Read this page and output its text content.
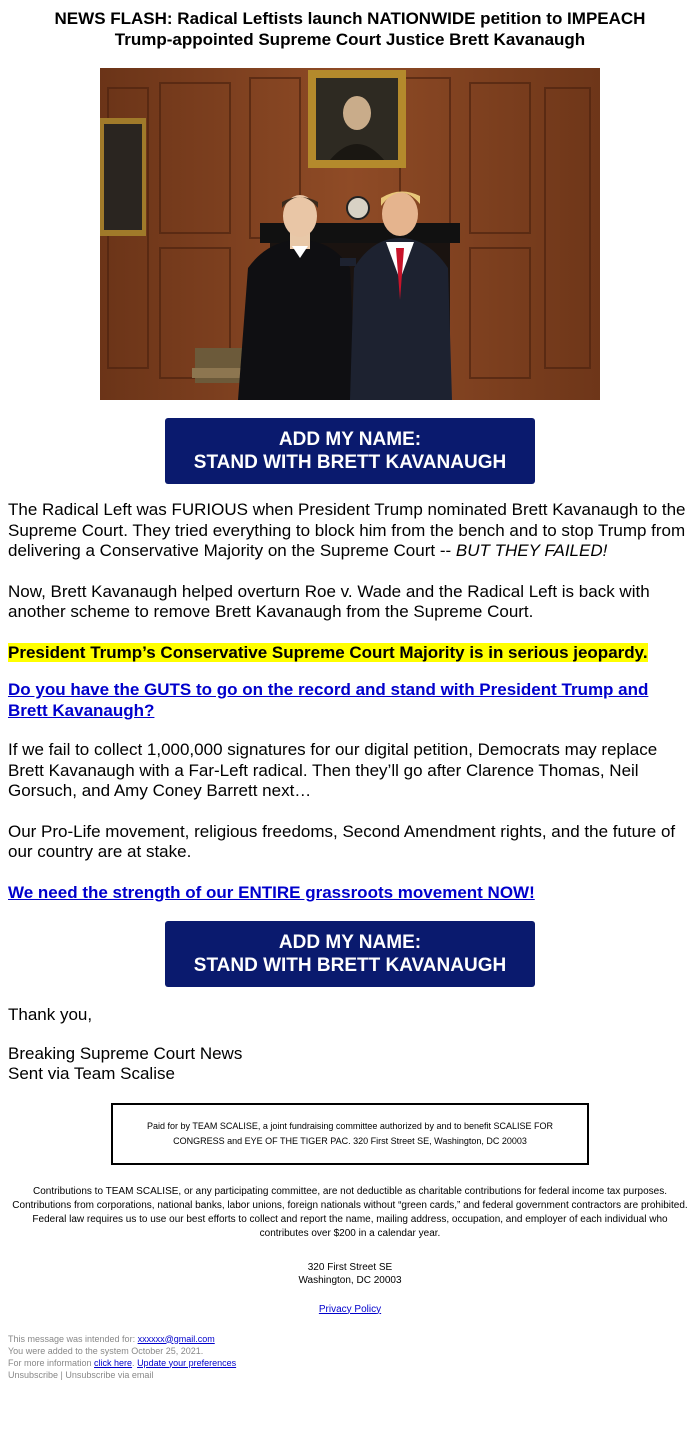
NEWS FLASH: Radical Leftists launch NATIONWIDE petition to IMPEACH
Trump-appointed Supreme Court Justice Brett Kavanaugh
ADD MY NAME:
STAND WITH BRETT KAVANAUGH

The Radical Left was FURIOUS when President Trump nominated Brett Kavanaugh to the Supreme Court. They tried everything to block him from the bench and to stop Trump from delivering a Conservative Majority on the Supreme Court -- BUT THEY FAILED!

Now, Brett Kavanaugh helped overturn Roe v. Wade and the Radical Left is back with another scheme to remove Brett Kavanaugh from the Supreme Court.

President Trump’s Conservative Supreme Court Majority is in serious jeopardy.

Do you have the GUTS to go on the record and stand with President Trump and Brett Kavanaugh?

If we fail to collect 1,000,000 signatures for our digital petition, Democrats may replace Brett Kavanaugh with a Far-Left radical. Then they’ll go after Clarence Thomas, Neil Gorsuch, and Amy Coney Barrett next…

Our Pro-Life movement, religious freedoms, Second Amendment rights, and the future of our country are at stake.

We need the strength of our ENTIRE grassroots movement NOW!

ADD MY NAME:
STAND WITH BRETT KAVANAUGH

Thank you,

Breaking Supreme Court News
Sent via Team Scalise

Paid for by TEAM SCALISE, a joint fundraising committee authorized by and to benefit SCALISE FOR CONGRESS and EYE OF THE TIGER PAC. 320 First Street SE, Washington, DC 20003

Contributions to TEAM SCALISE, or any participating committee, are not deductible as charitable contributions for federal income tax purposes. Contributions from corporations, national banks, labor unions, foreign nationals without “green cards,” and federal government contractors are prohibited. Federal law requires us to use our best efforts to collect and report the name, mailing address, occupation, and employer of each individual who contributes over $200 in a calendar year.

320 First Street SE
Washington, DC 20003

Privacy Policy

This message was intended for: xxxxxx@gmail.com
You were added to the system October 25, 2021.
For more information click here. Update your preferences
Unsubscribe | Unsubscribe via email
